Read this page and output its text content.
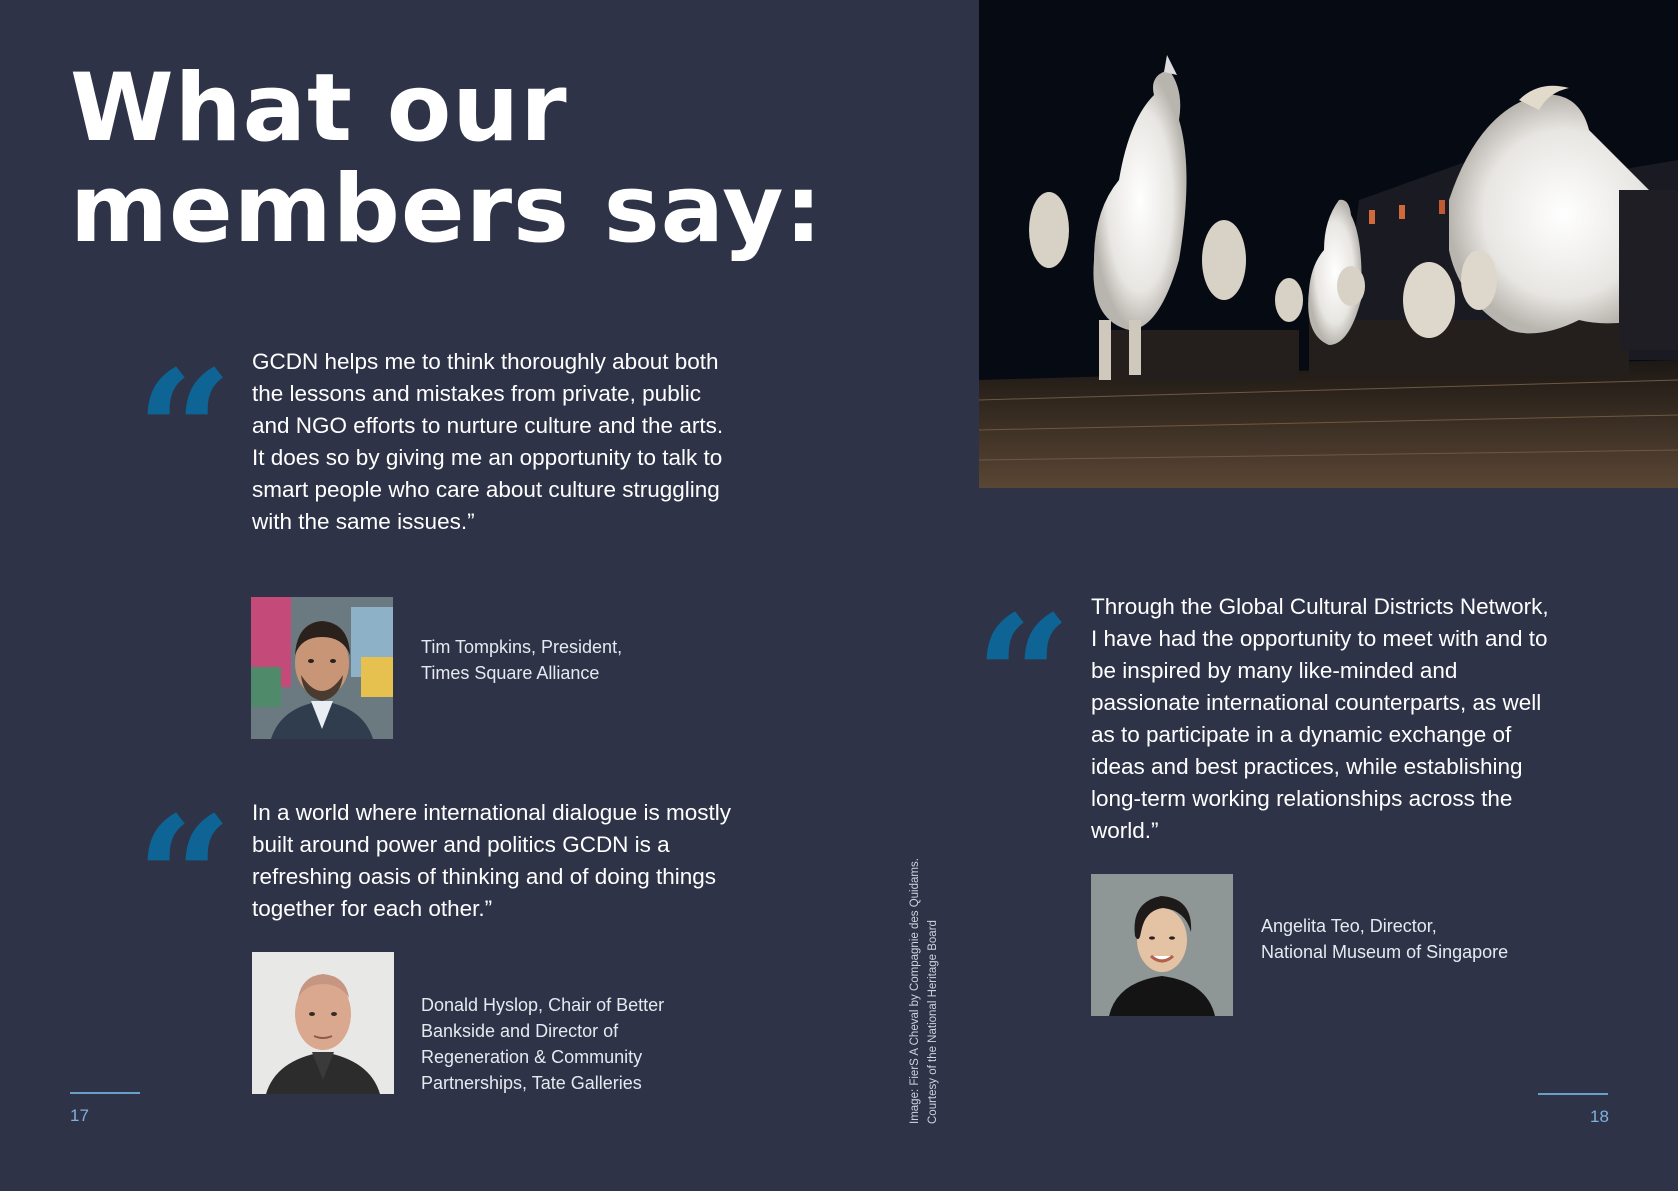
What our
members say:
“ GCDN helps me to think thoroughly about both the lessons and mistakes from private, public and NGO efforts to nurture culture and the arts. It does so by giving me an opportunity to talk to smart people who care about culture struggling with the same issues.”

Tim Tompkins, President,
Times Square Alliance
“ In a world where international dialogue is mostly built around power and politics GCDN is a refreshing oasis of thinking and of doing things together for each other.”

Donald Hyslop, Chair of Better
Bankside and Director of
Regeneration & Community
Partnerships, Tate Galleries
17	Image: FierS A Cheval by Compagnie des Quidams. Courtesy of the National Heritage Board
“ Through the Global Cultural Districts Network, I have had the opportunity to meet with and to be inspired by many like-minded and passionate international counterparts, as well as to participate in a dynamic exchange of ideas and best practices, while establishing long-term working relationships across the world.”

Angelita Teo, Director,
National Museum of Singapore
18
